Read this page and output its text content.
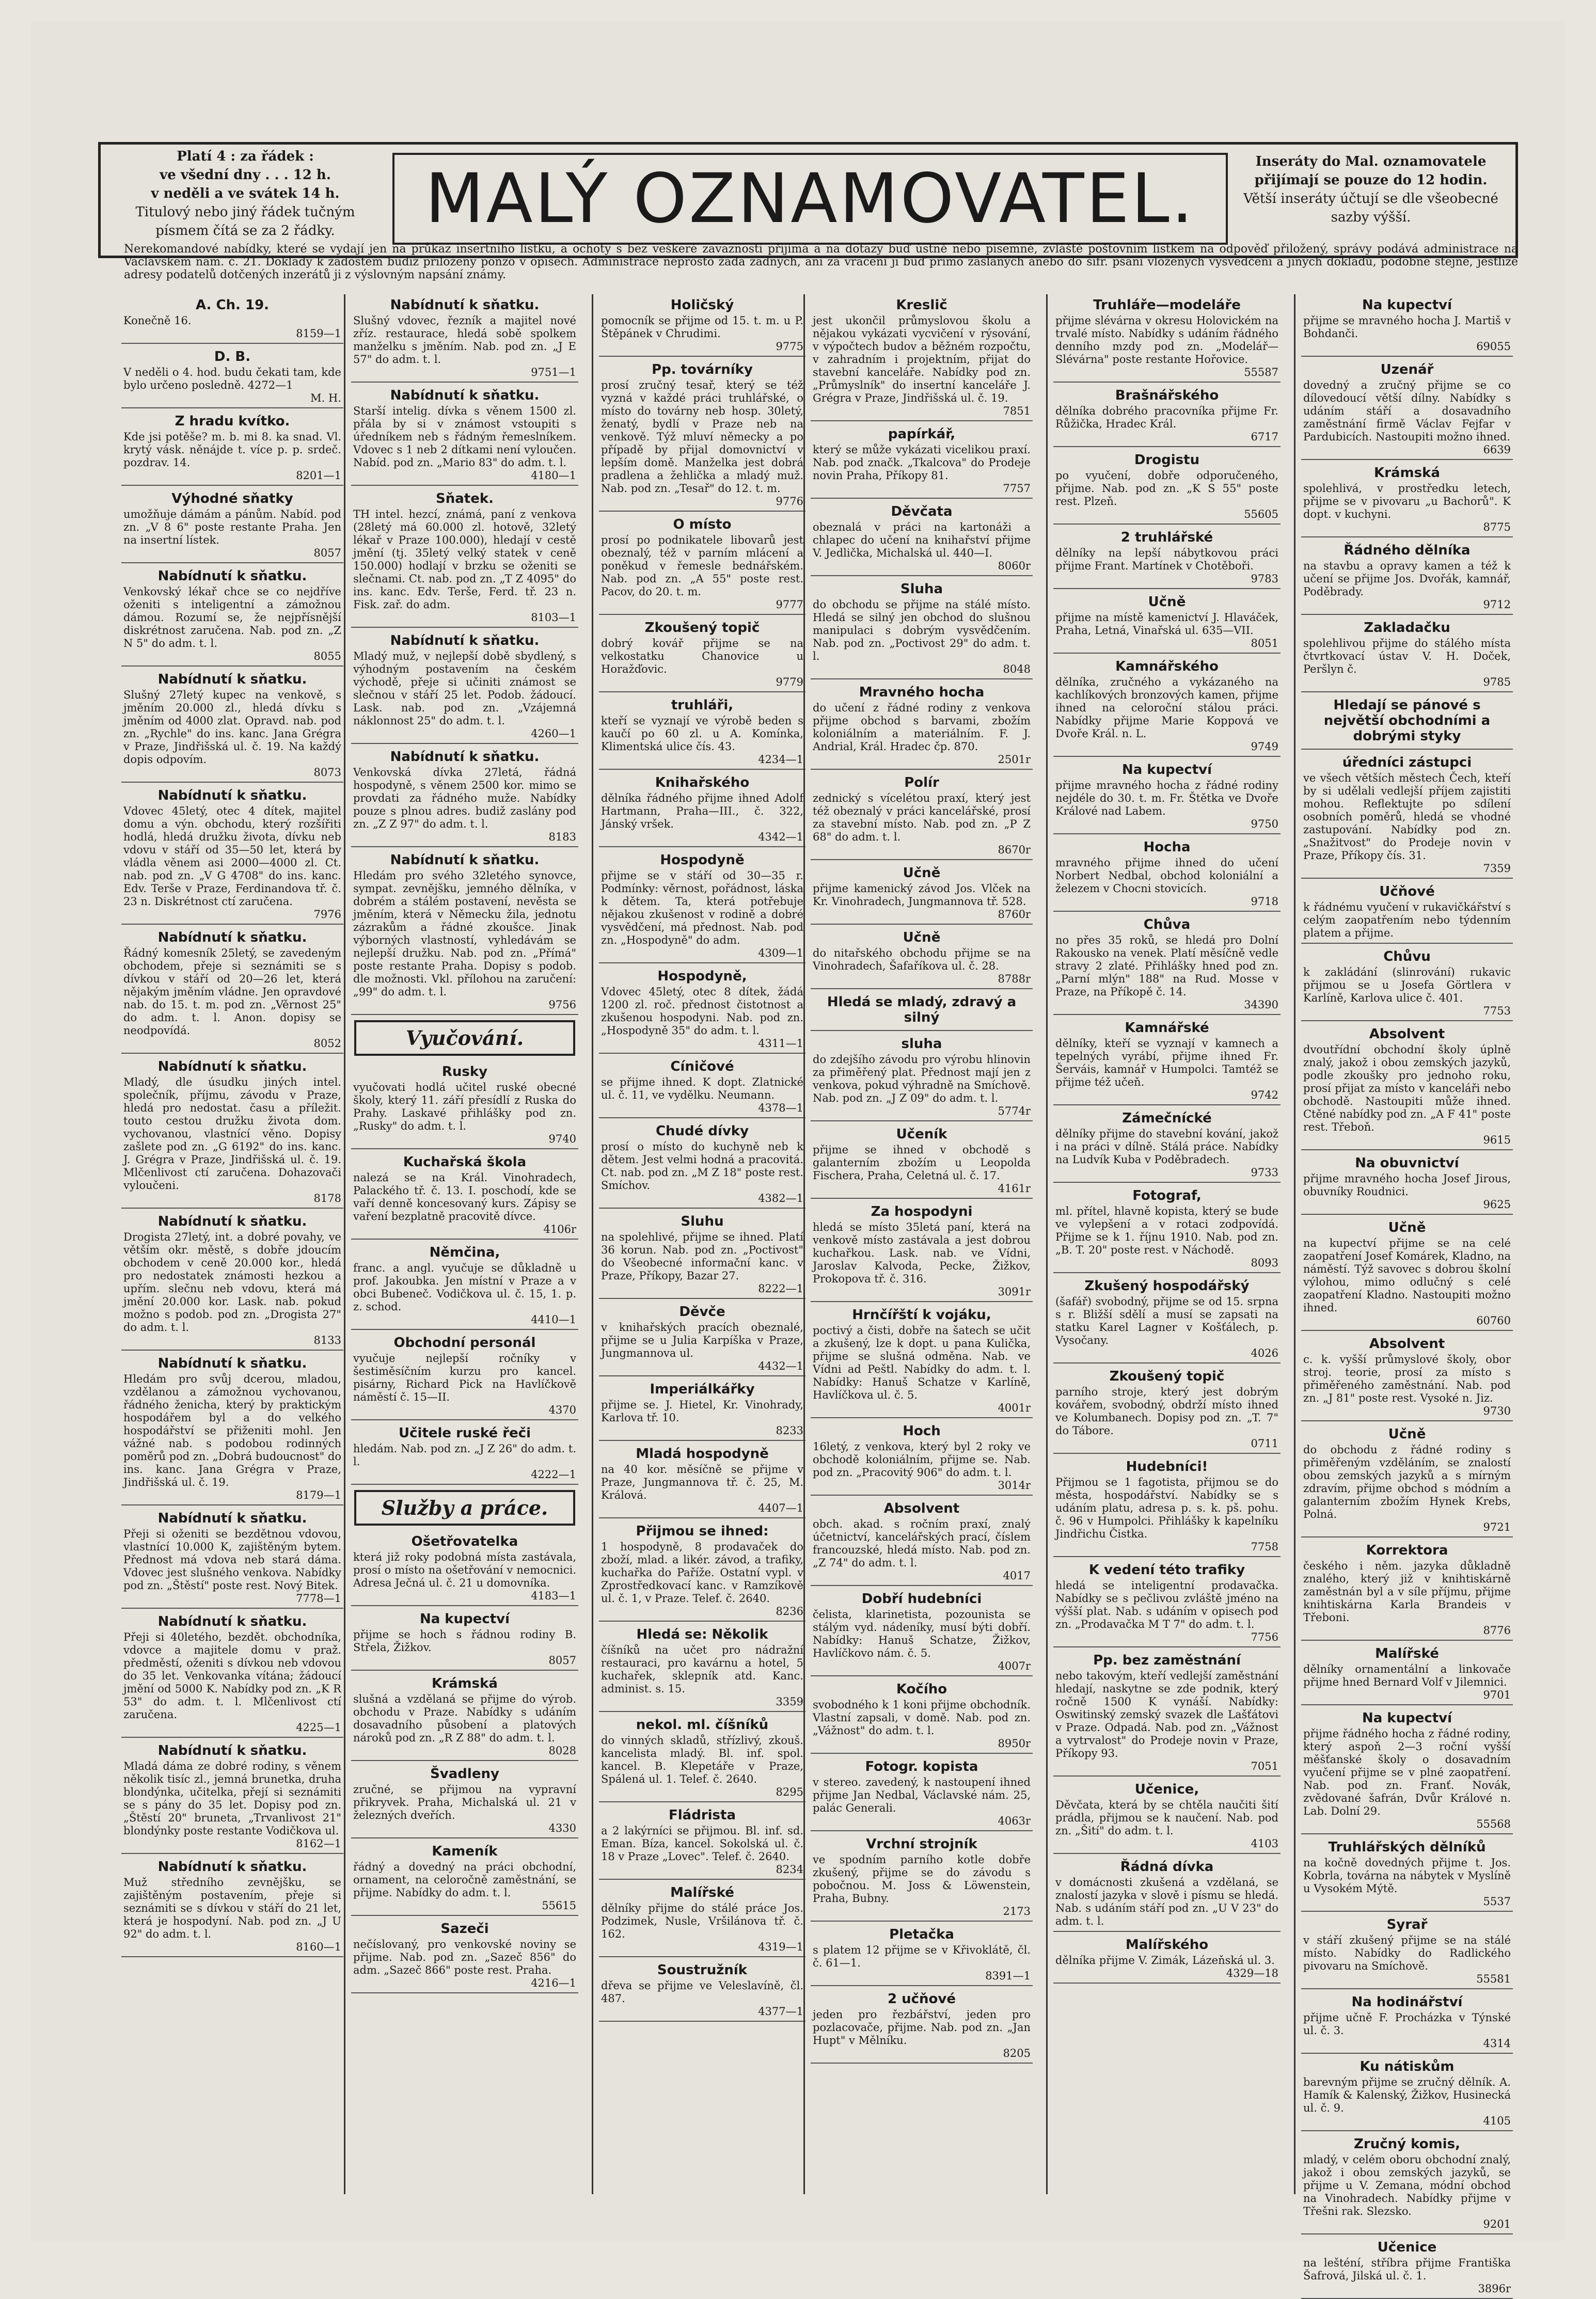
Platí 4 : za řádek :
ve všední dny . . . 12 h.
v neděli a ve svátek 14 h.
Titulový nebo jiný řádek tučným písmem čítá se za 2 řádky.	MALÝ OZNAMOVATEL.	Inseráty do Mal. oznamovatele přijímají se pouze do 12 hodin.
Větší inseráty účtují se dle všeobecné sazby výšší.
Nerekomandové nabídky, které se vydají jen na průkaz insertního lístku, a ochoty s bez veškeré zavaznosti přijímá a na dotazy buď ústně nebo písemně, zvláště poštovním lístkem na odpověď přiložený, správy podává administrace na Václavském nám. č. 21. Doklady k žádostem budiž přiložený ponzo v opisech. Administrace neprosto žádá zadných, ani za vracení ji buď přímo zaslaných anebo do šifr. psaní vložených vysvědčení a jiných dokladů, podobně stejně, jestliže adresy podatelů dotčených inzerátů ji z výslovným napsání známy.
A. Ch. 19.

Konečně 16.

8159—1
D. B.

V neděli o 4. hod. budu čekati tam, kde bylo určeno posledně. 4272—1

M. H.
Z hradu kvítko.

Kde jsi potěše? m. b. mi 8. ka snad. Vl. krytý vásk. něnájde t. více p. p. srdeč. pozdrav. 14.

8201—1
Výhodné sňatky

umožňuje dámám a pánům. Nabíd. pod zn. „V 8 6" poste restante Praha. Jen na insertní lístek.

8057
Nabídnutí k sňatku.

Venkovský lékař chce se co nejdříve oženiti s inteligentní a zámožnou dámou. Rozumí se, že nejpřísnější diskrétnost zaručena. Nab. pod zn. „Z N 5" do adm. t. l.

8055
Nabídnutí k sňatku.

Slušný 27letý kupec na venkově, s jměním 20.000 zl., hledá dívku s jměním od 4000 zlat. Opravd. nab. pod zn. „Rychle" do ins. kanc. Jana Grégra v Praze, Jindřišská ul. č. 19. Na každý dopis odpovím.

8073
Nabídnutí k sňatku.

Vdovec 45letý, otec 4 dítek, majitel domu a výn. obchodu, který rozšířiti hodlá, hledá družku života, dívku neb vdovu v stáří od 35—50 let, která by vládla věnem asi 2000—4000 zl. Ct. nab. pod zn. „V G 4708" do ins. kanc. Edv. Terše v Praze, Ferdinandova tř. č. 23 n. Diskrétnost ctí zaručena.

7976
Nabídnutí k sňatku.

Řádný komesník 25letý, se zavedeným obchodem, přeje si seznámiti se s dívkou v stáří od 20—26 let, která nějakým jměním vládne. Jen opravdové nab. do 15. t. m. pod zn. „Věrnost 25" do adm. t. l. Anon. dopisy se neodpovídá.

8052
Nabídnutí k sňatku.

Mladý, dle úsudku jiných intel. společník, příjmu, závodu v Praze, hledá pro nedostat. času a příležit. touto cestou družku života dom. vychovanou, vlastnící věno. Dopisy zašlete pod zn. „G 6192" do ins. kanc. J. Grégra v Praze, Jindřišská ul. č. 19. Mlčenlivost ctí zaručena. Dohazovači vyloučeni.

8178
Nabídnutí k sňatku.

Drogista 27letý, int. a dobré povahy, ve větším okr. městě, s dobře jdoucím obchodem v ceně 20.000 kor., hledá pro nedostatek známosti hezkou a upřím. slečnu neb vdovu, která má jmění 20.000 kor. Lask. nab. pokud možno s podob. pod zn. „Drogista 27" do adm. t. l.

8133
Nabídnutí k sňatku.

Hledám pro svůj dcerou, mladou, vzdělanou a zámožnou vychovanou, řádného ženicha, který by praktickým hospodářem byl a do velkého hospodářství se přiženiti mohl. Jen vážné nab. s podobou rodinných poměrů pod zn. „Dobrá budoucnost" do ins. kanc. Jana Grégra v Praze, Jindřišská ul. č. 19.

8179—1
Nabídnutí k sňatku.

Přeji si oženiti se bezdětnou vdovou, vlastnící 10.000 K, zajištěným bytem. Přednost má vdova neb stará dáma. Vdovec jest slušného venkova. Nabídky pod zn. „Štěstí" poste rest. Nový Bitek.

7778—1
Nabídnutí k sňatku.

Přeji si 40letého, bezdět. obchodníka, vdovce a majitele domu v praž. předměstí, oženiti s dívkou neb vdovou do 35 let. Venkovanka vítána; žádoucí jmění od 5000 K. Nabídky pod zn. „K R 53" do adm. t. l. Mlčenlivost ctí zaručena.

4225—1
Nabídnutí k sňatku.

Mladá dáma ze dobré rodiny, s věnem několik tisíc zl., jemná brunetka, druha blondýnka, učitelka, přejí si seznámiti se s pány do 35 let. Dopisy pod zn. „Štěstí 20" bruneta, „Trvanlivost 21" blondýnky poste restante Vodičkova ul.

8162—1
Nabídnutí k sňatku.

Muž středního zevnějšku, se zajištěným postavením, přeje si seznámiti se s dívkou v stáří do 21 let, která je hospodyní. Nab. pod zn. „J U 92" do adm. t. l.

8160—1
Nabídnutí k sňatku.

Slušný vdovec, řezník a majitel nové zříz. restaurace, hledá sobě spolkem manželku s jměním. Nab. pod zn. „J E 57" do adm. t. l.

9751—1
Nabídnutí k sňatku.

Starší intelig. dívka s věnem 1500 zl. přála by si v známost vstoupiti s úředníkem neb s řádným řemeslníkem. Vdovec s 1 neb 2 dítkami není vyloučen. Nabíd. pod zn. „Mario 83" do adm. t. l.

4180—1
Sňatek.

TH intel. hezcí, známá, paní z venkova (28letý má 60.000 zl. hotově, 32letý lékař v Praze 100.000), hledají v cestě jmění (tj. 35letý velký statek v ceně 150.000) hodlají v brzku se oženiti se slečnami. Ct. nab. pod zn. „T Z 4095" do ins. kanc. Edv. Terše, Ferd. tř. 23 n. Fisk. zař. do adm.

8103—1
Nabídnutí k sňatku.

Mladý muž, v nejlepší době sbydlený, s výhodným postavením na českém východě, přeje si učiniti známost se slečnou v stáří 25 let. Podob. žádoucí. Lask. nab. pod zn. „Vzájemná náklonnost 25" do adm. t. l.

4260—1
Nabídnutí k sňatku.

Venkovská dívka 27letá, řádná hospodyně, s věnem 2500 kor. mimo se provdati za řádného muže. Nabídky pouze s plnou adres. budiž zaslány pod zn. „Z Z 97" do adm. t. l.

8183
Nabídnutí k sňatku.

Hledám pro svého 32letého synovce, sympat. zevnějšku, jemného dělníka, v dobrém a stálém postavení, nevěsta se jměním, která v Německu žila, jednotu zázrakům a řádné zkoušce. Jinak výborných vlastností, vyhledávám se nejlepší družku. Nab. pod zn. „Přímá" poste restante Praha. Dopisy s podob. dle možnosti. Vkl. přílohou na zaručení: „99" do adm. t. l.

9756
Vyučování.
Rusky

vyučovati hodlá učitel ruské obecné školy, který 11. září přesídlí z Ruska do Prahy. Laskavé přihlášky pod zn. „Rusky" do adm. t. l.

9740
Kuchařská škola

nalezá se na Král. Vinohradech, Palackého tř. č. 13. I. poschodí, kde se vaří denně koncesovaný kurs. Zápisy se vaření bezplatně pracovitě dívce.

4106r
Němčina,

franc. a angl. vyučuje se důkladně u prof. Jakoubka. Jen místní v Praze a v obci Bubeneč. Vodičkova ul. č. 15, 1. p. z. schod.

4410—1
Obchodní personál

vyučuje nejlepší ročníky v šestiměsíčním kurzu pro kancel. pisárny, Richard Pick na Havlíčkově náměstí č. 15—II.

4370
Učitele ruské řeči

hledám. Nab. pod zn. „J Z 26" do adm. t. l.

4222—1
Služby a práce.
Ošetřovatelka

která již roky podobná místa zastávala, prosí o místo na ošetřování v nemocnici. Adresa Ječná ul. č. 21 u domovníka.

4183—1
Na kupectví

přijme se hoch s řádnou rodiny B. Střela, Žižkov.

8057
Krámská

slušná a vzdělaná se přijme do výrob. obchodu v Praze. Nabídky s udáním dosavadního působení a platových nároků pod zn. „R Z 88" do adm. t. l.

8028
Švadleny

zručné, se přijmou na vypravní přikryvek. Praha, Michalská ul. 21 v železných dveřích.

4330
Kameník

řádný a dovedný na práci obchodní, ornament, na celoročně zaměstnání, se přijme. Nabídky do adm. t. l.

55615
Sazeči

nečíslovaný, pro venkovské noviny se přijme. Nab. pod zn. „Sazeč 856" do adm. „Sazeč 866" poste rest. Praha.

4216—1
Holičský

pomocník se přijme od 15. t. m. u P. Štěpánek v Chrudimi.

9775
Pp. továrníky

prosí zručný tesař, který se též vyzná v každé práci truhlářské, o místo do továrny neb hosp. 30letý, ženatý, bydlí v Praze neb na venkově. Týž mluví německy a po případě by přijal domovnictví v lepším domě. Manželka jest dobrá pradlena a žehlička a mladý muž. Nab. pod zn. „Tesař" do 12. t. m.

9776
O místo

prosí po podnikatele libovarů jest obeznalý, též v parním mlácení a poněkud v řemesle bednářském. Nab. pod zn. „A 55" poste rest. Pacov, do 20. t. m.

9777
Zkoušený topič

dobrý kovář přijme se na velkostatku Chanovice u Horažďovic.

9779
truhláři,

kteří se vyznají ve výrobě beden s kaučí po 60 zl. u A. Komínka, Klimentská ulice čís. 43.

4234—1
Knihařského

dělníka řádného přijme ihned Adolf Hartmann, Praha—III., č. 322, Jánský vršek.

4342—1
Hospodyně

přijme se v stáří od 30—35 r. Podmínky: věrnost, pořádnost, láska k dětem. Ta, která potřebuje nějakou zkušenost v rodině a dobré vysvědčení, má přednost. Nab. pod zn. „Hospodyně" do adm.

4309—1
Hospodyně,

Vdovec 45letý, otec 8 dítek, žádá 1200 zl. roč. přednost čistotnost a zkušenou hospodyni. Nab. pod zn. „Hospodyně 35" do adm. t. l.

4311—1
Cíničové

se přijme ihned. K dopt. Zlatnické ul. č. 11, ve vydělku. Neumann.

4378—1
Chudé dívky

prosí o místo do kuchyně neb k dětem. Jest velmi hodná a pracovitá. Ct. nab. pod zn. „M Z 18" poste rest. Smíchov.

4382—1
Sluhu

na spolehlivé, přijme se ihned. Platí 36 korun. Nab. pod zn. „Poctivost" do Všeobecné informační kanc. v Praze, Příkopy, Bazar 27.

8222—1
Děvče

v knihařských pracích obeznalé, přijme se u Julia Karpíška v Praze, Jungmannova ul.

4432—1
Imperiálkářky

přijme se. J. Hietel, Kr. Vinohrady, Karlova tř. 10.

8233
Mladá hospodyně

na 40 kor. měsíčně se přijme v Praze, Jungmannova tř. č. 25, M. Králová.

4407—1
Přijmou se ihned:

1 hospodyně, 8 prodavaček do zboží, mlad. a likér. závod, a trafiky, kuchařka do Paříže. Ostatní vypl. v Zprostředkovací kanc. v Ramzíkově ul. č. 1, v Praze. Telef. č. 2640.

8236
Hledá se: Několik

číšníků na učet pro nádražní restauraci, pro kavárnu a hotel, 5 kuchařek, sklepník atd. Kanc. administ. s. 15.

3359
nekol. ml. číšníků

do vinných skladů, střízlivý, zkouš. kancelista mladý. Bl. inf. spol. kancel. B. Klepetáře v Praze, Spálená ul. 1. Telef. č. 2640.

8295
Fládrista

a 2 lakýrníci se přijmou. Bl. inf. sd. Eman. Bíza, kancel. Sokolská ul. č. 18 v Praze „Lovec". Telef. č. 2640.

8234
Malířské

dělníky přijme do stálé práce Jos. Podzimek, Nusle, Vršilánova tř. č. 162.

4319—1
Soustružník

dřeva se přijme ve Veleslavíně, čl. 487.

4377—1
Kreslič

jest ukončil průmyslovou školu a nějakou vykázati vycvičení v rýsování, v výpočtech budov a běžném rozpočtu, v zahradním i projektním, přijat do stavební kanceláře. Nabídky pod zn. „Průmyslník" do insertní kanceláře J. Grégra v Praze, Jindřišská ul. č. 19.

7851
papírkář,

který se může vykázati vicelikou praxí. Nab. pod značk. „Tkalcova" do Prodeje novin Praha, Příkopy 81.

7757
Děvčata

obeznalá v práci na kartonáži a chlapec do učení na knihařství přijme V. Jedlička, Michalská ul. 440—I.

8060r
Sluha

do obchodu se přijme na stálé místo. Hledá se silný jen obchod do slušnou manipulaci s dobrým vysvědčením. Nab. pod zn. „Poctivost 29" do adm. t. l.

8048
Mravného hocha

do učení z řádné rodiny z venkova přijme obchod s barvami, zbožím koloniálním a materiálním. F. J. Andrial, Král. Hradec čp. 870.

2501r
Polír

zednický s vícelétou praxí, který jest též obeznalý v práci kancelářské, prosí za stavební místo. Nab. pod zn. „P Z 68" do adm. t. l.

8670r
Učně

přijme kamenický závod Jos. Vlček na Kr. Vinohradech, Jungmannova tř. 528.

8760r
Učně

do nitařského obchodu přijme se na Vinohradech, Šafaříkova ul. č. 28.

8788r
Hledá se mladý, zdravý a silný
sluha

do zdejšího závodu pro výrobu hlinovin za přiměřený plat. Přednost mají jen z venkova, pokud výhradně na Smíchově. Nab. pod zn. „J Z 09" do adm. t. l.

5774r
Učeník

přijme se ihned v obchodě s galanterním zbožím u Leopolda Fischera, Praha, Celetná ul. č. 17.

4161r
Za hospodyni

hledá se místo 35letá paní, která na venkově místo zastávala a jest dobrou kuchařkou. Lask. nab. ve Vídni, Jaroslav Kalvoda, Pecke, Žižkov, Prokopova tř. č. 316.

3091r
Hrnčířští k vojáku,

poctivý a čisti, dobře na šatech se učit a zkušený, lze k dopt. u pana Kulička, přijme se slušná odměna. Nab. ve Vídni ad Peštl. Nabídky do adm. t. l. Nabídky: Hanuš Schatze v Karlíně, Havlíčkova ul. č. 5.

4001r
Hoch

16letý, z venkova, který byl 2 roky ve obchodě koloniálním, přijme se. Nab. pod zn. „Pracovitý 906" do adm. t. l.

3014r
Absolvent

obch. akad. s ročním praxí, znalý účetnictví, kancelářských prací, číslem francouzské, hledá místo. Nab. pod zn. „Z 74" do adm. t. l.

4017
Dobří hudebníci

čelista, klarinetista, pozounista se stálým vyd. nádeníky, musí býti dobří. Nabídky: Hanuš Schatze, Žižkov, Havlíčkovo nám. č. 5.

4007r
Kočího

svobodného k 1 koni přijme obchodník. Vlastní zapsali, v domě. Nab. pod zn. „Vážnost" do adm. t. l.

8950r
Fotogr. kopista

v stereo. zavedený, k nastoupení ihned přijme Jan Nedbal, Václavské nám. 25, palác Generali.

4063r
Vrchní strojník

ve spodním parního kotle dobře zkušený, přijme se do závodu s pobočnou. M. Joss & Löwenstein, Praha, Bubny.

2173
Pletačka

s platem 12 přijme se v Křivoklátě, čl. č. 61—1.

8391—1
2 učňové

jeden pro řezbářství, jeden pro pozlacovače, přijme. Nab. pod zn. „Jan Hupt" v Mělníku.

8205
Truhláře—modeláře

přijme slévárna v okresu Holovickém na trvalé místo. Nabídky s udáním řádného denního mzdy pod zn. „Modelář—Slévárna" poste restante Hořovice.

55587
Brašnářského

dělníka dobrého pracovníka přijme Fr. Růžička, Hradec Král.

6717
Drogistu

po vyučení, dobře odporučeného, přijme. Nab. pod zn. „K S 55" poste rest. Plzeň.

55605
2 truhlářské

dělníky na lepší nábytkovou práci přijme Frant. Martínek v Chotěboři.

9783
Učně

přijme na místě kamenictví J. Hlaváček, Praha, Letná, Vinařská ul. 635—VII.

8051
Kamnářského

dělníka, zručného a vykázaného na kachlíkových bronzových kamen, přijme ihned na celoroční stálou práci. Nabídky přijme Marie Koppová ve Dvoře Král. n. L.

9749
Na kupectví

přijme mravného hocha z řádné rodiny nejdéle do 30. t. m. Fr. Štětka ve Dvoře Králové nad Labem.

9750
Hocha

mravného přijme ihned do učení Norbert Nedbal, obchod koloniální a železem v Chocni stovicích.

9718
Chůva

no přes 35 roků, se hledá pro Dolní Rakousko na venek. Platí měsíčně vedle stravy 2 zlaté. Přihlášky hned pod zn. „Parní mlýn" 188" na Rud. Mosse v Praze, na Příkopě č. 14.

34390
Kamnářské

dělníky, kteří se vyznají v kamnech a tepelných vyrábí, přijme ihned Fr. Šerváis, kamnář v Humpolci. Tamtéž se přijme též učeň.

9742
Zámečnícké

dělníky přijme do stavební kování, jakož i na práci v dílně. Stálá práce. Nabídky na Ludvík Kuba v Poděbradech.

9733
Fotograf,

ml. přítel, hlavně kopista, který se bude ve vylepšení a v rotaci zodpovídá. Přijme se k 1. říjnu 1910. Nab. pod zn. „B. T. 20" poste rest. v Náchodě.

8093
Zkušený hospodářský

(šafář) svobodný, přijme se od 15. srpna s r. Bližší sdělí a musí se zapsati na statku Karel Lagner v Košťálech, p. Vysočany.

4026
Zkoušený topič

parního stroje, který jest dobrým kovářem, svobodný, obdrží místo ihned ve Kolumbanech. Dopisy pod zn. „T. 7" do Tábore.

0711
Hudebníci!

Přijmou se 1 fagotista, přijmou se do města, hospodářství. Nabídky se s udáním platu, adresa p. s. k. pš. pohu. č. 96 v Humpolci. Přihlášky k kapelníku Jindřichu Čistka.

7758
K vedení této trafiky

hledá se inteligentní prodavačka. Nabídky se s pečlivou zvláště jméno na výšší plat. Nab. s udáním v opisech pod zn. „Prodavačka M T 7" do adm. t. l.

7756
Pp. bez zaměstnání

nebo takovým, kteří vedlejší zaměstnání hledají, naskytne se zde podnik, který ročně 1500 K vynáší. Nabídky: Oswitinský zemský svazek dle Lašťátovi v Praze. Odpadá. Nab. pod zn. „Vážnost a vytrvalost" do Prodeje novin v Praze, Příkopy 93.

7051
Učenice,

Děvčata, která by se chtěla naučiti šití prádla, přijmou se k naučení. Nab. pod zn. „Šití" do adm. t. l.

4103
Řádná dívka

v domácnosti zkušená a vzdělaná, se znalostí jazyka v slově i písmu se hledá. Nab. s udáním stáří pod zn. „U V 23" do adm. t. l.

Malířského

dělníka přijme V. Zimák, Lázeňská ul. 3.

4329—18
Na kupectví

přijme se mravného hocha J. Martiš v Bohdanči.

69055
Uzenář

dovedný a zručný přijme se co dílovedoucí větší dílny. Nabídky s udáním stáří a dosavadního zaměstnání firmě Václav Fejfar v Pardubicích. Nastoupiti možno ihned.

6639
Krámská

spolehlivá, v prostředku letech, přijme se v pivovaru „u Bachorů". K dopt. v kuchyni.

8775
Řádného dělníka

na stavbu a opravy kamen a též k učení se přijme Jos. Dvořák, kamnář, Poděbrady.

9712
Zakladačku

spolehlivou přijme do stálého místa čtvrtkovací ústav V. H. Doček, Peršlyn č.

9785
Hledají se pánové s největší obchodními a dobrými styky
úředníci zástupci

ve všech větších městech Čech, kteří by si udělali vedlejší příjem zajistiti mohou. Reflektujte po sdílení osobních poměrů, hledá se vhodné zastupování. Nabídky pod zn. „Snažitvost" do Prodeje novin v Praze, Příkopy čís. 31.

7359
Učňové

k řádnému vyučení v rukavičkářství s celým zaopatřením nebo týdenním platem a přijme.

Chůvu

k zakládání (slinrování) rukavic přijmou se u Josefa Görtlera v Karlíně, Karlova ulice č. 401.

7753
Absolvent

dvoutřídní obchodní školy úplně znalý, jakož i obou zemských jazyků, podle zkoušky pro jednoho roku, prosí přijat za místo v kanceláři nebo obchodě. Nastoupiti může ihned. Ctěné nabídky pod zn. „A F 41" poste rest. Třeboň.

9615
Na obuvnictví

přijme mravného hocha Josef Jirous, obuvníky Roudnici.

9625
Učně

na kupectví přijme se na celé zaopatření Josef Komárek, Kladno, na náměstí. Týž savovec s dobrou školní výlohou, mimo odlučný s celé zaopatření Kladno. Nastoupiti možno ihned.

60760
Absolvent

c. k. vyšší průmyslové školy, obor stroj. teorie, prosí za místo s přiměřeného zaměstnání. Nab. pod zn. „J 81" poste rest. Vysoké n. Jiz.

9730
Učně

do obchodu z řádné rodiny s přiměřeným vzděláním, se znalostí obou zemských jazyků a s mírným zdravím, přijme obchod s módním a galanterním zbožím Hynek Krebs, Polná.

9721
Korrektora

českého i něm. jazyka důkladně znalého, který již v knihtiskárně zaměstnán byl a v síle příjmu, přijme knihtiskárna Karla Brandeis v Třeboni.

8776
Malířské

dělníky ornamentální a linkovače přijme hned Bernard Volf v Jilemnici.

9701
Na kupectví

přijme řádného hocha z řádné rodiny, který aspoň 2—3 roční vyšší měšťanské školy o dosavadním vyučení přijme se v plné zaopatření. Nab. pod zn. Franť. Novák, zvědované šafrán, Dvůr Králové n. Lab. Dolní 29.

55568
Truhlářských dělníků

na kočně dovedných přijme t. Jos. Kobrla, továrna na nábytek v Myslíně u Vysokém Mýtě.

5537
Syrař

v stáří zkušený přijme se na stálé místo. Nabídky do Radlického pivovaru na Smíchově.

55581
Na hodinářství

přijme učně F. Procházka v Týnské ul. č. 3.

4314
Ku nátiskům

barevným přijme se zručný dělník. A. Hamík & Kalenský, Žižkov, Husinecká ul. č. 9.

4105
Zručný komis,

mladý, v celém oboru obchodní znalý, jakož i obou zemských jazyků, se přijme u V. Zemana, módní obchod na Vinohradech. Nabídky přijme v Třešni rak. Slezsko.

9201
Učenice

na lešténí, stříbra přijme Františka Šafrová, Jilská ul. č. 1.

3896r
